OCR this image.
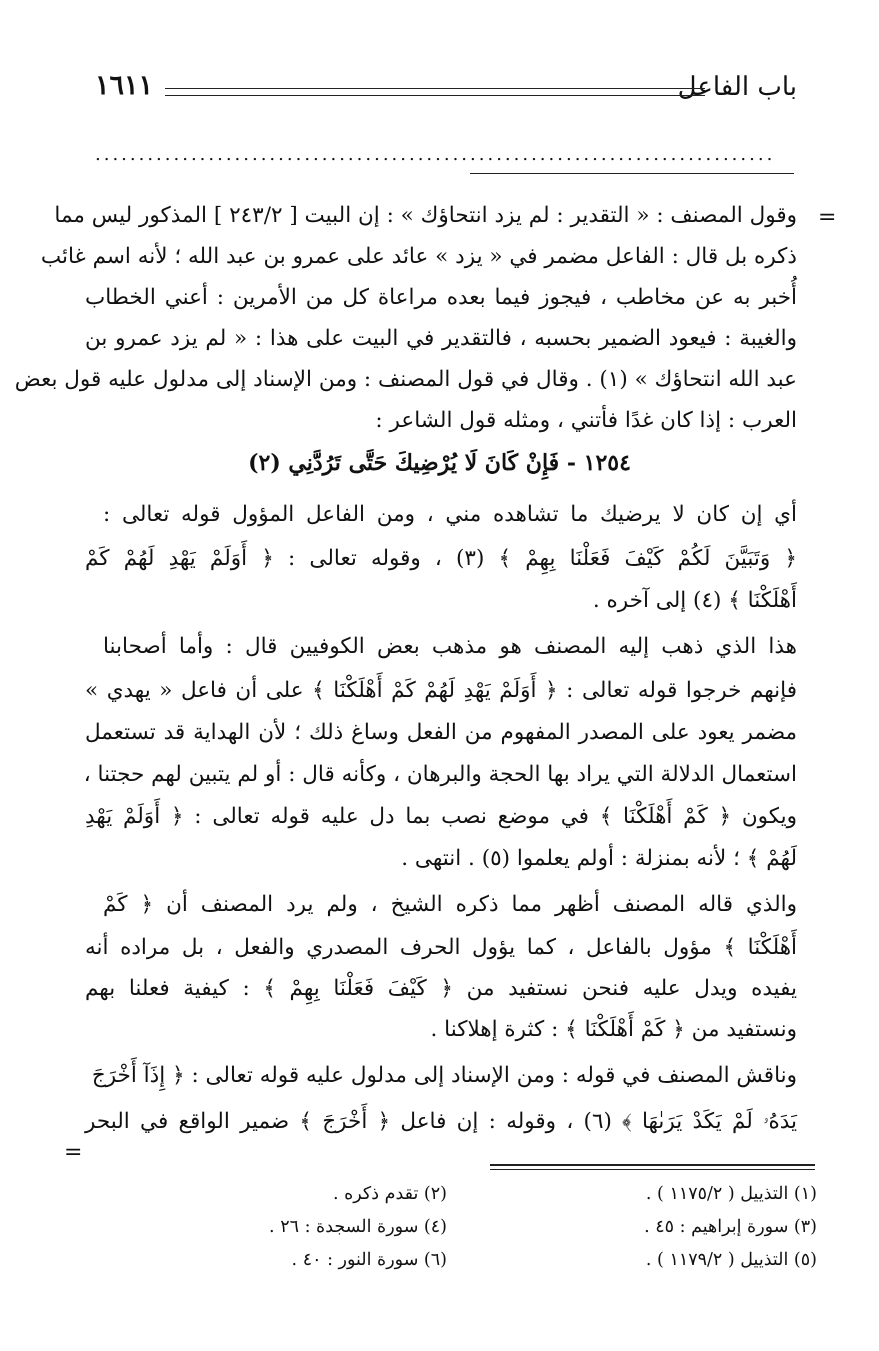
باب الفاعل
١٦١١
..............................................................................
=
=
وقول المصنف : « التقدير : لم يزد انتحاؤك » : إن البيت [ ٢٤٣/٢ ] المذكور ليس مما
ذكره بل قال : الفاعل مضمر في « يزد » عائد على عمرو بن عبد الله ؛ لأنه اسم غائب
أُخبر به عن مخاطب ، فيجوز فيما بعده مراعاة كل من الأمرين : أعني الخطاب
والغيبة : فيعود الضمير بحسبه ، فالتقدير في البيت على هذا : « لم يزد عمرو بن
عبد الله انتحاؤك » (١) . وقال في قول المصنف : ومن الإسناد إلى مدلول عليه قول بعض
العرب : إذا كان غدًا فأتني ، ومثله قول الشاعر :
١٢٥٤ - فَإِنْ كَانَ لَا يُرْضِيكَ حَتَّى تَرُدَّنِي (٢)
أي إن كان لا يرضيك ما تشاهده مني ، ومن الفاعل المؤول قوله تعالى :
﴿ وَتَبَيَّنَ لَكُمْ كَيْفَ فَعَلْنَا بِهِمْ ﴾ (٣) ، وقوله تعالى : ﴿ أَوَلَمْ يَهْدِ لَهُمْ كَمْ
أَهْلَكْنَا ﴾ (٤) إلى آخره .
هذا الذي ذهب إليه المصنف هو مذهب بعض الكوفيين قال : وأما أصحابنا
فإنهم خرجوا قوله تعالى : ﴿ أَوَلَمْ يَهْدِ لَهُمْ كَمْ أَهْلَكْنَا ﴾ على أن فاعل « يهدي »
مضمر يعود على المصدر المفهوم من الفعل وساغ ذلك ؛ لأن الهداية قد تستعمل
استعمال الدلالة التي يراد بها الحجة والبرهان ، وكأنه قال : أو لم يتبين لهم حجتنا ،
ويكون ﴿ كَمْ أَهْلَكْنَا ﴾ في موضع نصب بما دل عليه قوله تعالى : ﴿ أَوَلَمْ يَهْدِ
لَهُمْ ﴾ ؛ لأنه بمنزلة : أولم يعلموا (٥) . انتهى .
والذي قاله المصنف أظهر مما ذكره الشيخ ، ولم يرد المصنف أن ﴿ كَمْ
أَهْلَكْنَا ﴾ مؤول بالفاعل ، كما يؤول الحرف المصدري والفعل ، بل مراده أنه
يفيده ويدل عليه فنحن نستفيد من ﴿ كَيْفَ فَعَلْنَا بِهِمْ ﴾ : كيفية فعلنا بهم
ونستفيد من ﴿ كَمْ أَهْلَكْنَا ﴾ : كثرة إهلاكنا .
وناقش المصنف في قوله : ومن الإسناد إلى مدلول عليه قوله تعالى : ﴿ إِذَآ أَخْرَجَ
يَدَهُۥ لَمْ يَكَدْ يَرَىٰهَا ﴾ (٦) ، وقوله : إن فاعل ﴿ أَخْرَجَ ﴾ ضمير الواقع في البحر
(١) التذييل ( ١١٧٥/٢ ) .
(٣) سورة إبراهيم : ٤٥ .
(٥) التذييل ( ١١٧٩/٢ ) .
(٢) تقدم ذكره .
(٤) سورة السجدة : ٢٦ .
(٦) سورة النور : ٤٠ .
